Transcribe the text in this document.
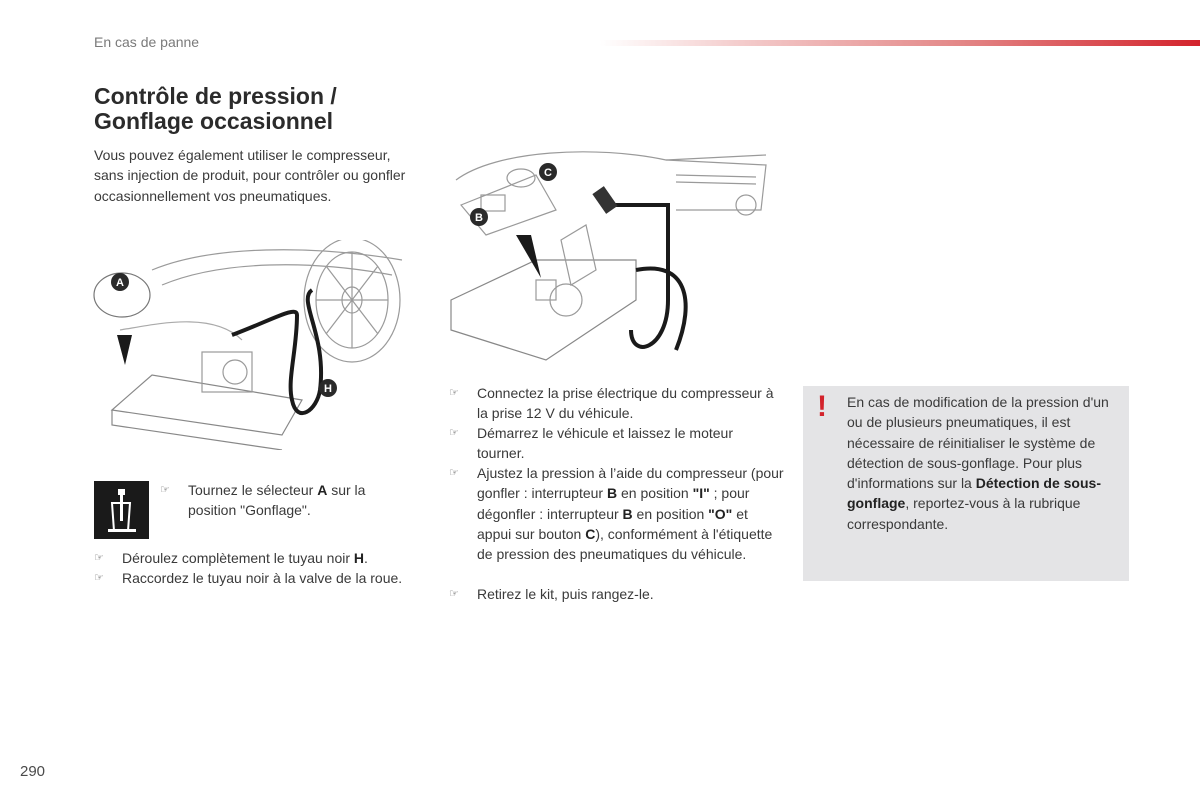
En cas de panne
Contrôle de pression /
Gonflage occasionnel
Vous pouvez également utiliser le compresseur, sans injection de produit, pour contrôler ou gonfler occasionnellement vos pneumatiques.
A
H
C
B
☞	Tournez le sélecteur A sur la position "Gonflage".
☞	Déroulez complètement le tuyau noir H.
☞	Raccordez le tuyau noir à la valve de la roue.
☞	Connectez la prise électrique du compresseur à la prise 12 V du véhicule.
☞	Démarrez le véhicule et laissez le moteur tourner.
☞	Ajustez la pression à l’aide du compresseur (pour gonfler : interrupteur B en position "I" ; pour dégonfler : interrupteur B en position "O" et appui sur bouton C), conformément à l'étiquette de pression des pneumatiques du véhicule.
☞	Retirez le kit, puis rangez-le.
! En cas de modification de la pression d'un ou de plusieurs pneumatiques, il est nécessaire de réinitialiser le système de détection de sous-gonflage. Pour plus d'informations sur la Détection de sous-gonflage, reportez-vous à la rubrique correspondante.
290
